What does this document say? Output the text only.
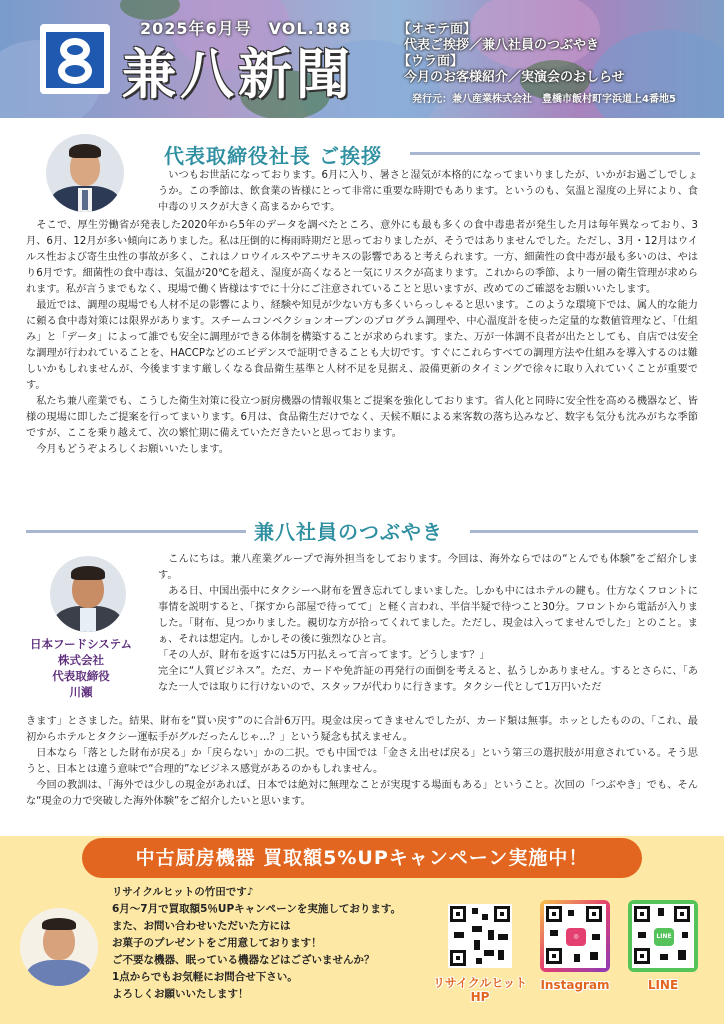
2025年6月号　VOL.188
兼八新聞
【オモテ面】
代表ご挨拶／兼八社員のつぶやき
【ウラ面】
今月のお客様紹介／実演会のおしらせ
発行元：兼八産業株式会社　豊橋市飯村町字浜道上4番地5
代表取締役社長 ご挨拶

いつもお世話になっております。6月に入り、暑さと湿気が本格的になってまいりましたが、いかがお過ごしでしょうか。この季節は、飲食業の皆様にとって非常に重要な時期でもあります。というのも、気温と湿度の上昇により、食中毒のリスクが大きく高まるからです。

そこで、厚生労働省が発表した2020年から5年のデータを調べたところ、意外にも最も多くの食中毒患者が発生した月は毎年異なっており、3月、6月、12月が多い傾向にありました。私は圧倒的に梅雨時期だと思っておりましたが、そうではありませんでした。ただし、3月・12月はウイルス性および寄生虫性の事故が多く、これはノロウイルスやアニサキスの影響であると考えられます。一方、細菌性の食中毒が最も多いのは、やはり6月です。細菌性の食中毒は、気温が20℃を超え、湿度が高くなると一気にリスクが高まります。これからの季節、より一層の衛生管理が求められます。私が言うまでもなく、現場で働く皆様はすでに十分にご注意されていることと思いますが、改めてのご確認をお願いいたします。

最近では、調理の現場でも人材不足の影響により、経験や知見が少ない方も多くいらっしゃると思います。このような環境下では、属人的な能力に頼る食中毒対策には限界があります。スチームコンベクションオーブンのプログラム調理や、中心温度計を使った定量的な数値管理など、「仕組み」と「データ」によって誰でも安全に調理ができる体制を構築することが求められます。また、万が一体調不良者が出たとしても、自店では安全な調理が行われていることを、HACCPなどのエビデンスで証明できることも大切です。すぐにこれらすべての調理方法や仕組みを導入するのは難しいかもしれませんが、今後ますます厳しくなる食品衛生基準と人材不足を見据え、設備更新のタイミングで徐々に取り入れていくことが重要です。

私たち兼八産業でも、こうした衛生対策に役立つ厨房機器の情報収集とご提案を強化しております。省人化と同時に安全性を高める機器など、皆様の現場に即したご提案を行ってまいります。6月は、食品衛生だけでなく、天候不順による来客数の落ち込みなど、数字も気分も沈みがちな季節ですが、ここを乗り越えて、次の繁忙期に備えていただきたいと思っております。

今月もどうぞよろしくお願いいたします。

兼八社員のつぶやき
日本フードシステム
株式会社
代表取締役
川瀬

こんにちは。兼八産業グループで海外担当をしております。今回は、海外ならではの“とんでも体験”をご紹介します。

ある日、中国出張中にタクシーへ財布を置き忘れてしまいました。しかも中にはホテルの鍵も。仕方なくフロントに事情を説明すると、「探すから部屋で待ってて」と軽く言われ、半信半疑で待つこと30分。フロントから電話が入りました。「財布、見つかりました。親切な方が拾ってくれてました。ただし、現金は入ってませんでした」とのこと。まぁ、それは想定内。しかしその後に強烈なひと言。

「その人が、財布を返すには5万円払えって言ってます。どうします？」

完全に“人質ビジネス”。ただ、カードや免許証の再発行の面倒を考えると、払うしかありません。するとさらに、「あなた一人では取りに行けないので、スタッフが代わりに行きます。タクシー代として1万円いただ

きます」とさました。結果、財布を“買い戻す”のに合計6万円。現金は戻ってきませんでしたが、カード類は無事。ホッとしたものの、「これ、最初からホテルとタクシー運転手がグルだったんじゃ…？」という疑念も拭えません。

日本なら「落とした財布が戻る」か「戻らない」かの二択。でも中国では「金さえ出せば戻る」という第三の選択肢が用意されている。そう思うと、日本とは違う意味で“合理的”なビジネス感覚があるのかもしれません。

今回の教訓は、「海外では少しの現金があれば、日本では絶対に無理なことが実現する場面もある」ということ。次回の「つぶやき」でも、そんな“現金の力で突破した海外体験”をご紹介したいと思います。

中古厨房機器 買取額5%UPキャンペーン実施中！
リサイクルヒットの竹田です♪
6月〜7月で買取額5％UPキャンペーンを実施しております。
また、お問い合わせいただいた方には
お菓子のプレゼントをご用意しております！
ご不要な機器、眠っている機器などはございませんか？
1点からでもお気軽にお問合せ下さい。
よろしくお願いいたします！
リサイクルヒット
HP
◎
Instagram
LINE
LINE
